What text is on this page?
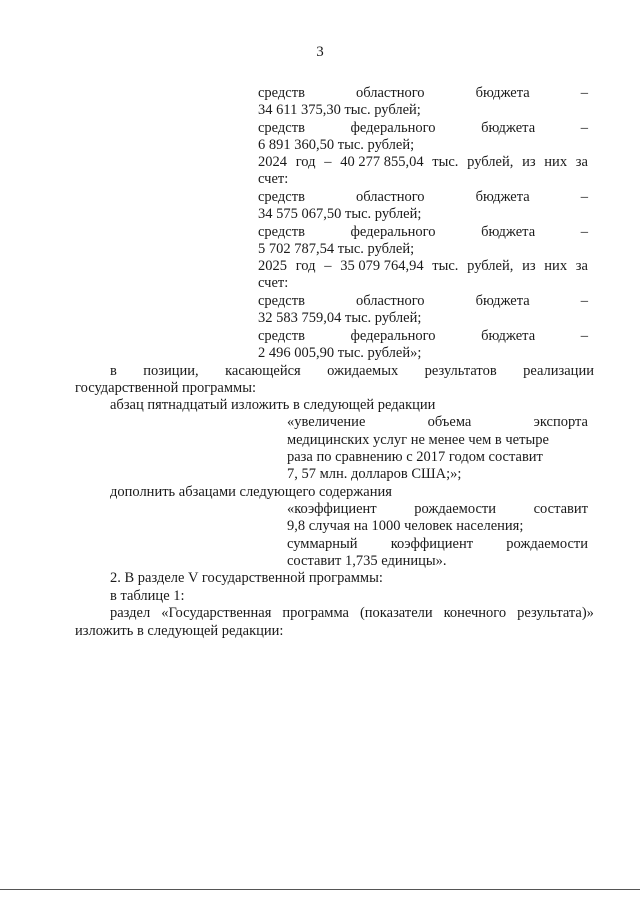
3
средств	областного	бюджета	–
34 611 375,30 тыс. рублей;
средств	федерального	бюджета	–
6 891 360,50 тыс. рублей;
2024 год – 40 277 855,04 тыс. рублей, из них за
счет:
средств	областного	бюджета	–
34 575 067,50 тыс. рублей;
средств	федерального	бюджета	–
5 702 787,54 тыс. рублей;
2025 год – 35 079 764,94 тыс. рублей, из них за
счет:
средств	областного	бюджета	–
32 583 759,04 тыс. рублей;
средств	федерального	бюджета	–
2 496 005,90 тыс. рублей»;
в позиции, касающейся ожидаемых результатов реализации
государственной программы:
абзац пятнадцатый изложить в следующей редакции
«увеличение	объема	экспорта
медицинских услуг не менее чем в четыре
раза по сравнению с 2017 годом составит
7, 57 млн. долларов США;»;
дополнить абзацами следующего содержания
«коэффициент	рождаемости	составит
9,8 случая на 1000 человек населения;
суммарный коэффициент рождаемости
составит 1,735 единицы».
2. В разделе V государственной программы:
в таблице 1:
раздел «Государственная программа (показатели конечного результата)»
изложить в следующей редакции:
